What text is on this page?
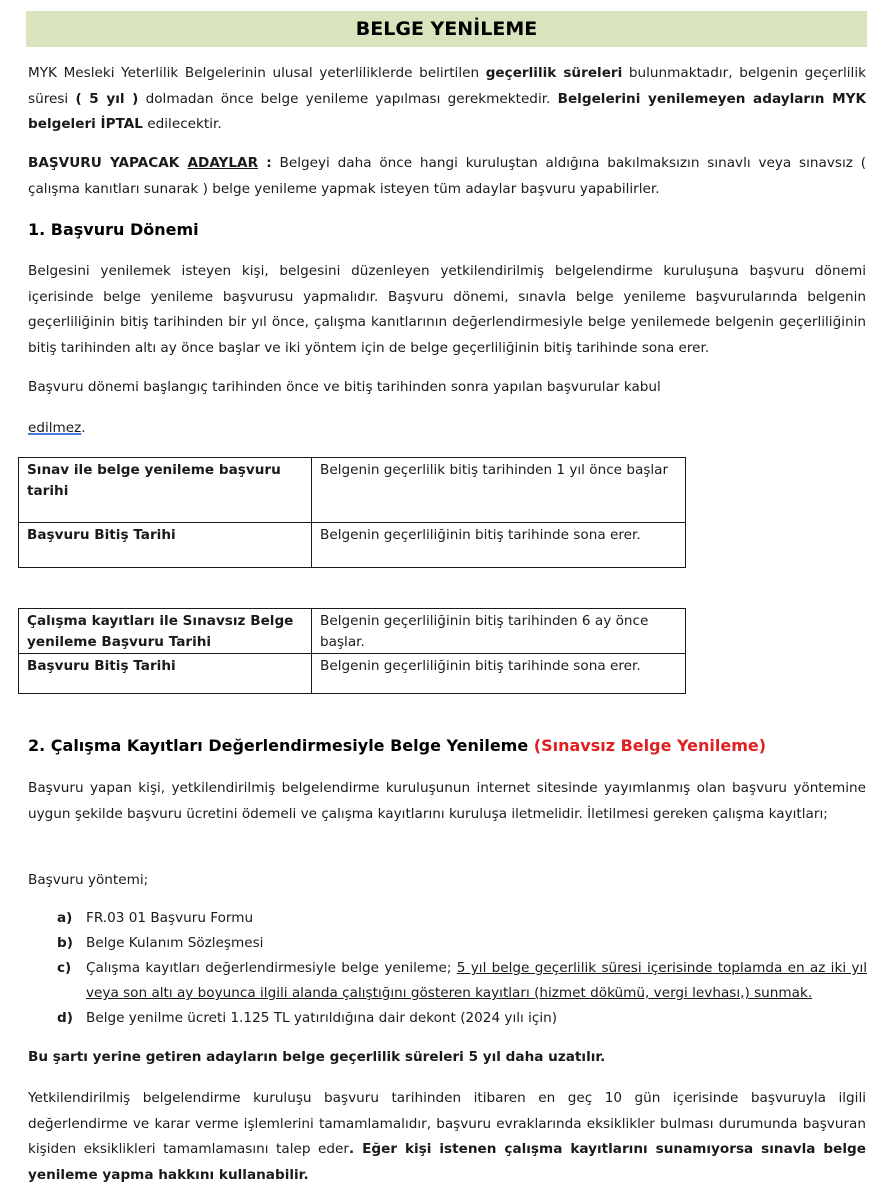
BELGE YENİLEME

MYK Mesleki Yeterlilik Belgelerinin ulusal yeterliliklerde belirtilen geçerlilik süreleri bulunmaktadır, belgenin geçerlilik süresi ( 5 yıl ) dolmadan önce belge yenileme yapılması gerekmektedir. Belgelerini yenilemeyen adayların MYK belgeleri İPTAL edilecektir.

BAŞVURU YAPACAK ADAYLAR : Belgeyi daha önce hangi kuruluştan aldığına bakılmaksızın sınavlı veya sınavsız ( çalışma kanıtları sunarak ) belge yenileme yapmak isteyen tüm adaylar başvuru yapabilirler.

1. Başvuru Dönemi

Belgesini yenilemek isteyen kişi, belgesini düzenleyen yetkilendirilmiş belgelendirme kuruluşuna başvuru dönemi içerisinde belge yenileme başvurusu yapmalıdır. Başvuru dönemi, sınavla belge yenileme başvurularında belgenin geçerliliğinin bitiş tarihinden bir yıl önce, çalışma kanıtlarının değerlendirmesiyle belge yenilemede belgenin geçerliliğinin bitiş tarihinden altı ay önce başlar ve iki yöntem için de belge geçerliliğinin bitiş tarihinde sona erer.

Başvuru dönemi başlangıç tarihinden önce ve bitiş tarihinden sonra yapılan başvurular kabul

edilmez.

Sınav ile belge yenileme başvuru tarihi	Belgenin geçerlilik bitiş tarihinden 1 yıl önce başlar
Başvuru Bitiş Tarihi	Belgenin geçerliliğinin bitiş tarihinde sona erer.
Çalışma kayıtları ile Sınavsız Belge yenileme Başvuru Tarihi	Belgenin geçerliliğinin bitiş tarihinden 6 ay önce başlar.
Başvuru Bitiş Tarihi	Belgenin geçerliliğinin bitiş tarihinde sona erer.
2. Çalışma Kayıtları Değerlendirmesiyle Belge Yenileme (Sınavsız Belge Yenileme)

Başvuru yapan kişi, yetkilendirilmiş belgelendirme kuruluşunun internet sitesinde yayımlanmış olan başvuru yöntemine uygun şekilde başvuru ücretini ödemeli ve çalışma kayıtlarını kuruluşa iletmelidir. İletilmesi gereken çalışma kayıtları;

Başvuru yöntemi;

a) FR.03 01 Başvuru Formu
b) Belge Kulanım Sözleşmesi
c) Çalışma kayıtları değerlendirmesiyle belge yenileme; 5 yıl belge geçerlilik süresi içerisinde toplamda en az iki yıl veya son altı ay boyunca ilgili alanda çalıştığını gösteren kayıtları (hizmet dökümü, vergi levhası,) sunmak.
d) Belge yenilme ücreti 1.125 TL yatırıldığına dair dekont (2024 yılı için)

Bu şartı yerine getiren adayların belge geçerlilik süreleri 5 yıl daha uzatılır.

Yetkilendirilmiş belgelendirme kuruluşu başvuru tarihinden itibaren en geç 10 gün içerisinde başvuruyla ilgili değerlendirme ve karar verme işlemlerini tamamlamalıdır, başvuru evraklarında eksiklikler bulması durumunda başvuran kişiden eksiklikleri tamamlamasını talep eder. Eğer kişi istenen çalışma kayıtlarını sunamıyorsa sınavla belge yenileme yapma hakkını kullanabilir.
